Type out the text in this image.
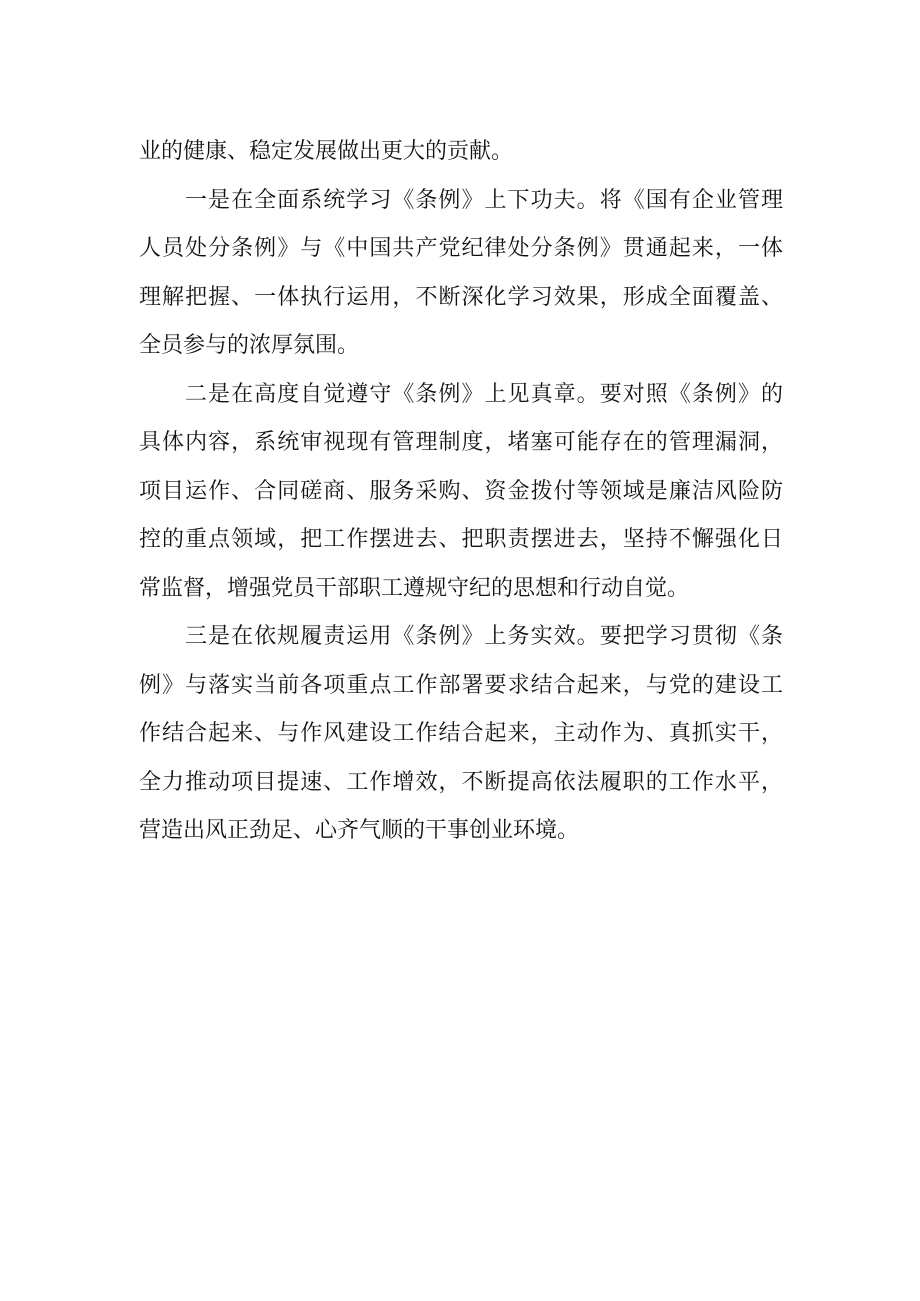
业的健康、稳定发展做出更大的贡献。
一是在全面系统学习《条例》上下功夫。将《国有企业管理
人员处分条例》与《中国共产党纪律处分条例》贯通起来，一体
理解把握、一体执行运用，不断深化学习效果，形成全面覆盖、
全员参与的浓厚氛围。
二是在高度自觉遵守《条例》上见真章。要对照《条例》的
具体内容，系统审视现有管理制度，堵塞可能存在的管理漏洞，
项目运作、合同磋商、服务采购、资金拨付等领域是廉洁风险防
控的重点领域，把工作摆进去、把职责摆进去，坚持不懈强化日
常监督，增强党员干部职工遵规守纪的思想和行动自觉。
三是在依规履责运用《条例》上务实效。要把学习贯彻《条
例》与落实当前各项重点工作部署要求结合起来，与党的建设工
作结合起来、与作风建设工作结合起来，主动作为、真抓实干，
全力推动项目提速、工作增效，不断提高依法履职的工作水平，
营造出风正劲足、心齐气顺的干事创业环境。
